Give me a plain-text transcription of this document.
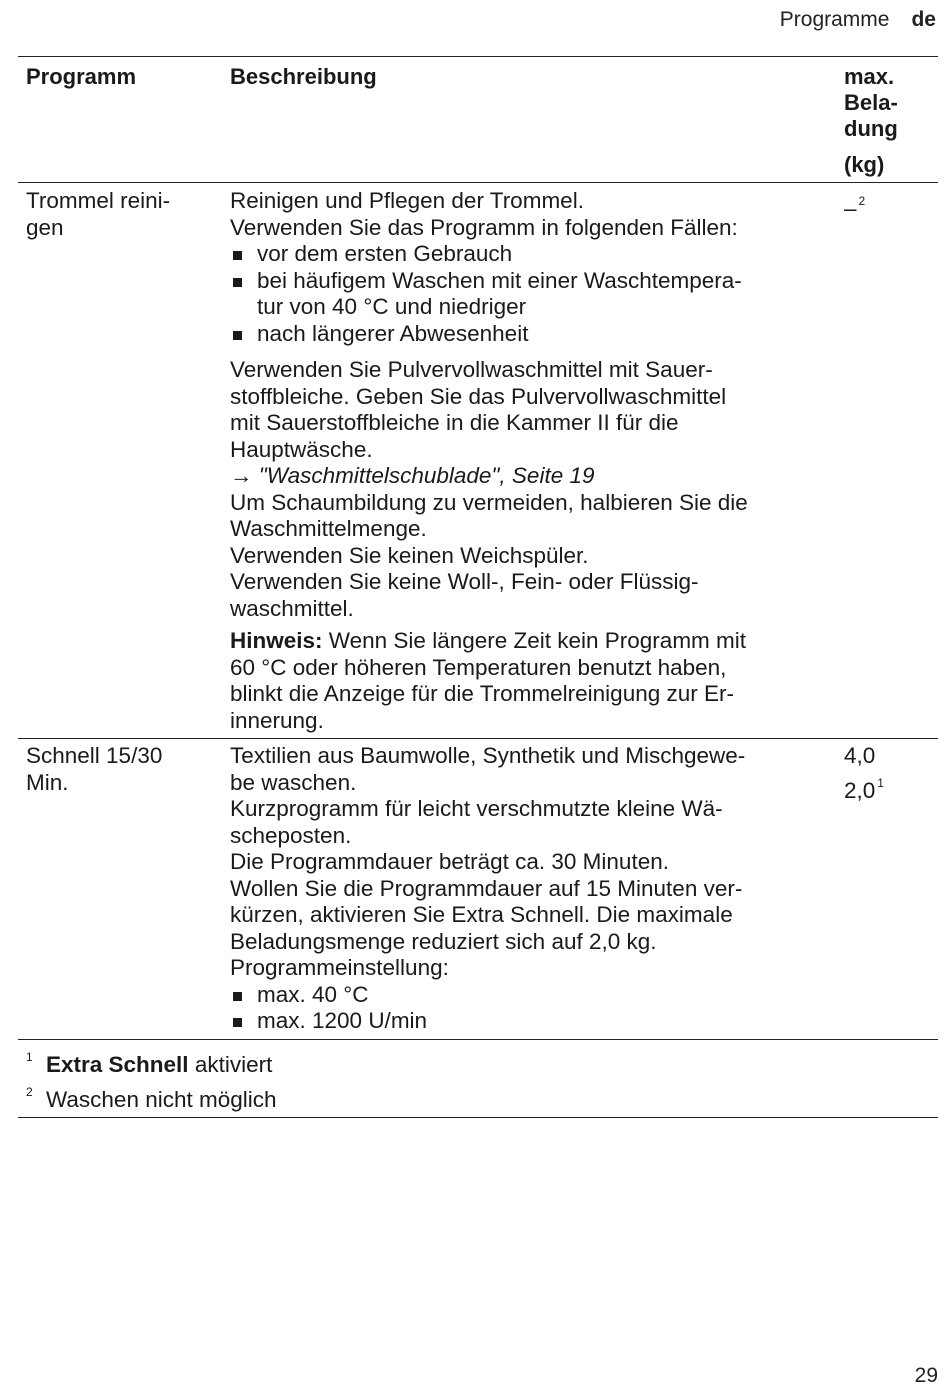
Programme de
Programm	Beschreibung	max.
Bela-
dung
(kg)
Trommel reini-
gen
Reinigen und Pflegen der Trommel.
Verwenden Sie das Programm in folgenden Fällen:
vor dem ersten Gebrauch
bei häufigem Waschen mit einer Waschtempera-
tur von 40 °C und niedriger
nach längerer Abwesenheit
Verwenden Sie Pulvervollwaschmittel mit Sauer-
stoffbleiche. Geben Sie das Pulvervollwaschmittel
mit Sauerstoffbleiche in die Kammer II für die
Hauptwäsche.
→ "Waschmittelschublade", Seite 19
Um Schaumbildung zu vermeiden, halbieren Sie die
Waschmittelmenge.
Verwenden Sie keinen Weichspüler.
Verwenden Sie keine Woll-, Fein- oder Flüssig-
waschmittel.
Hinweis: Wenn Sie längere Zeit kein Programm mit
60 °C oder höheren Temperaturen benutzt haben,
blinkt die Anzeige für die Trommelreinigung zur Er-
innerung.
– $^2$
Schnell 15/30
Min.
Textilien aus Baumwolle, Synthetik und Mischgewe-
be waschen.
Kurzprogramm für leicht verschmutzte kleine Wä-
scheposten.
Die Programmdauer beträgt ca. 30 Minuten.
Wollen Sie die Programmdauer auf 15 Minuten ver-
kürzen, aktivieren Sie Extra Schnell. Die maximale
Beladungsmenge reduziert sich auf 2,0 kg.
Programmeinstellung:
max. 40 °C
max. 1200 U/min
4,0
2,0 $^1$
1 Extra Schnell aktiviert
2 Waschen nicht möglich
29
